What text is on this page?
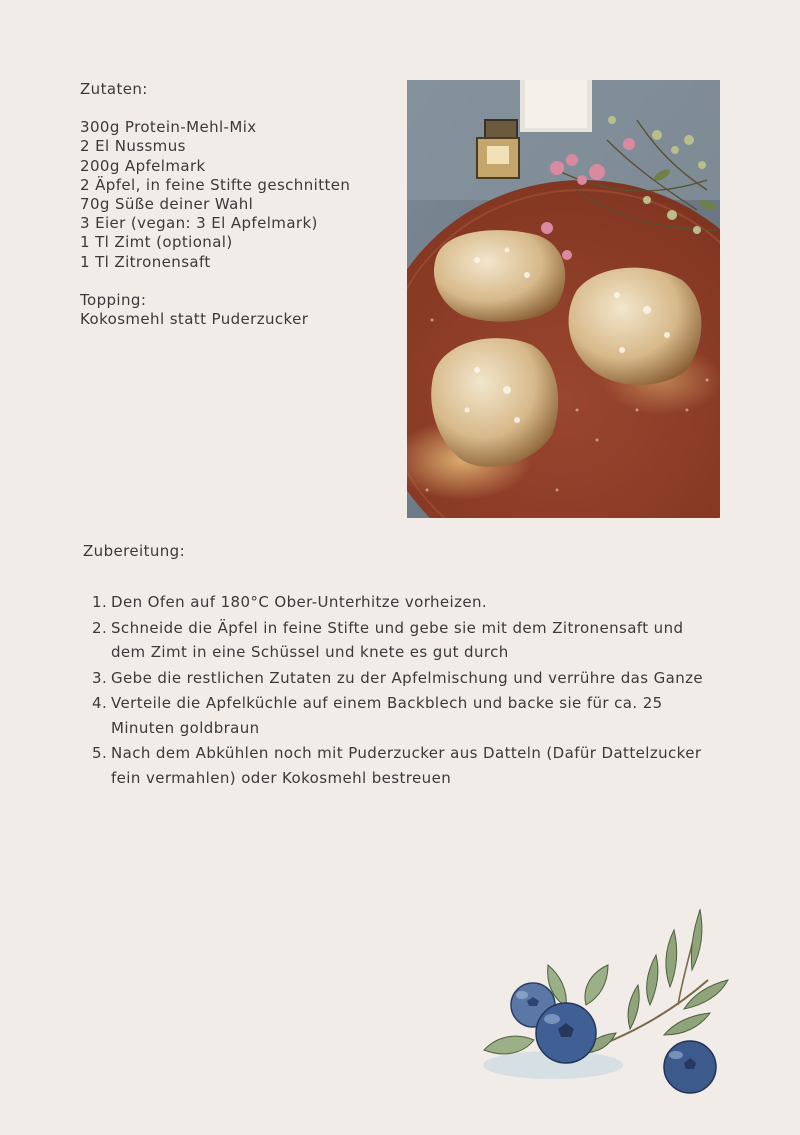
Zutaten:
300g Protein-Mehl-Mix
2 El Nussmus
200g Apfelmark
2 Äpfel, in feine Stifte geschnitten
70g Süße deiner Wahl
3 Eier (vegan: 3 El Apfelmark)
1 Tl Zimt (optional)
1 Tl Zitronensaft
Topping:
Kokosmehl statt Puderzucker
Zubereitung:
1. Den Ofen auf 180°C Ober-Unterhitze vorheizen.
2. Schneide die Äpfel in feine Stifte und gebe sie mit dem Zitronensaft und dem Zimt in eine Schüssel und knete es gut durch
3. Gebe die restlichen Zutaten zu der Apfelmischung und verrühre das Ganze
4. Verteile die Apfelküchle auf einem Backblech und backe sie für ca. 25 Minuten goldbraun
5. Nach dem Abkühlen noch mit Puderzucker aus Datteln (Dafür Dattelzucker fein vermahlen) oder Kokosmehl bestreuen
